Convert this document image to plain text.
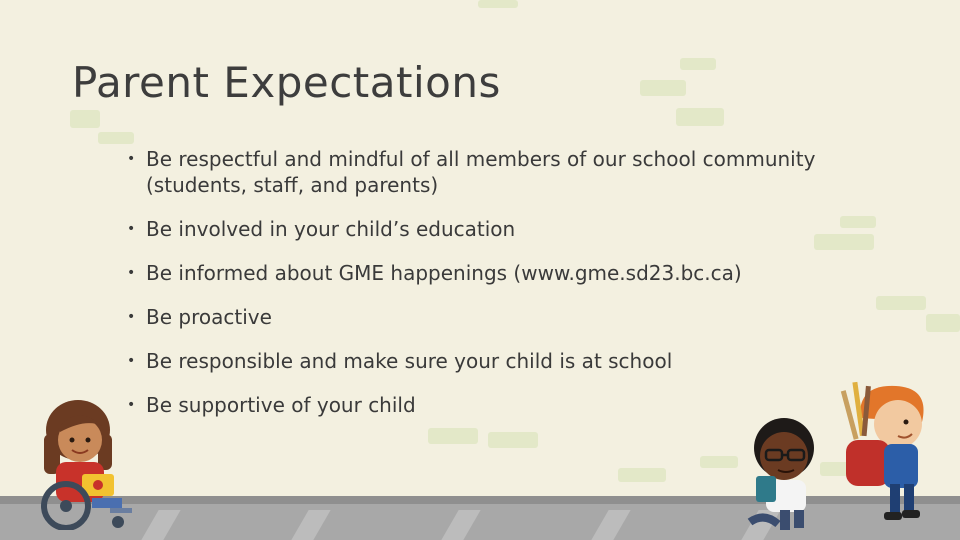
Parent Expectations
• Be respectful and mindful of all members of our school community (students, staff, and parents)
• Be involved in your child’s education
• Be informed about GME happenings (www.gme.sd23.bc.ca)
• Be proactive
• Be responsible and make sure your child is at school
• Be supportive of your child
